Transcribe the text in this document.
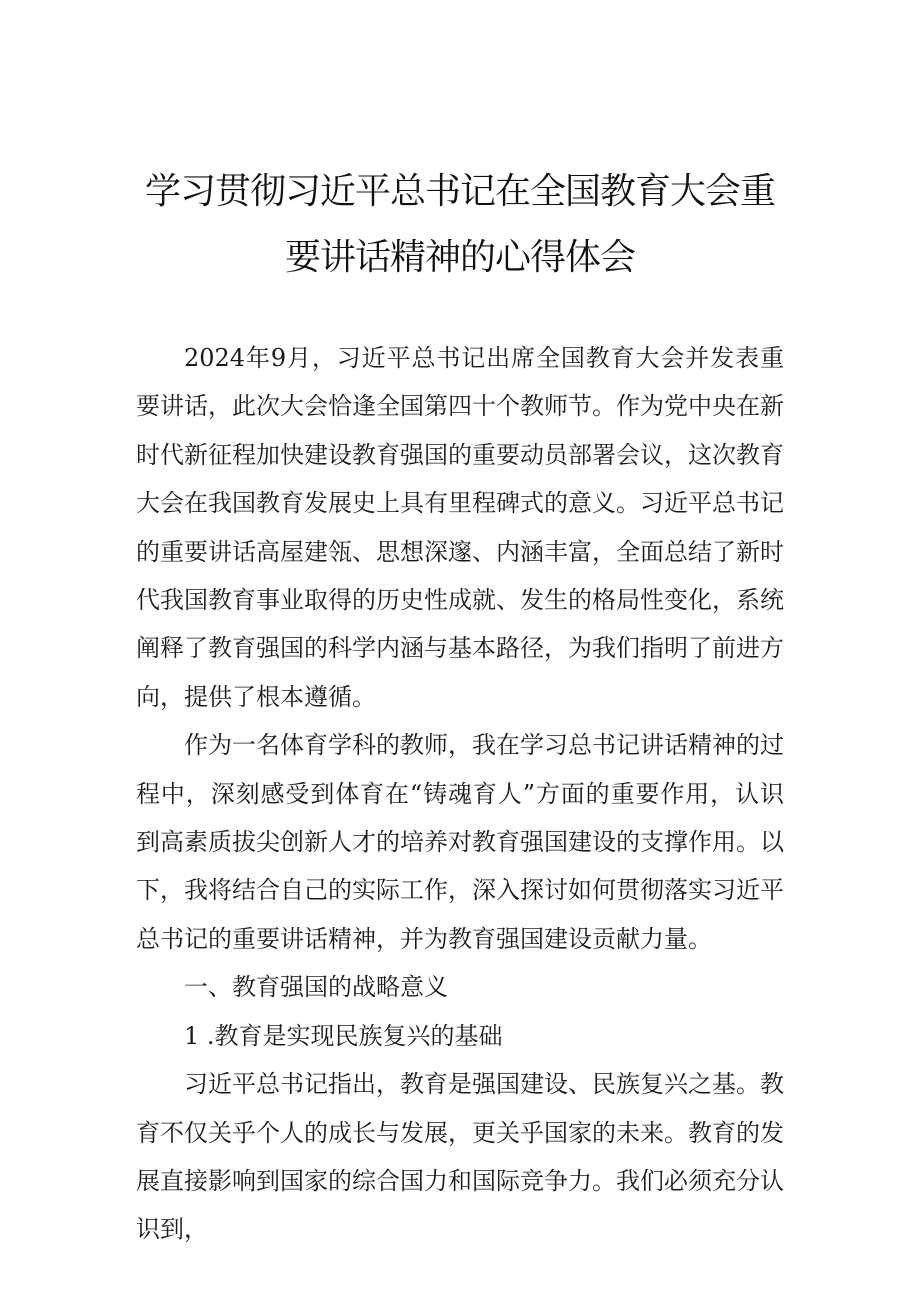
学习贯彻习近平总书记在全国教育大会重
要讲话精神的心得体会

2024年9月，习近平总书记出席全国教育大会并发表重要讲话，此次大会恰逢全国第四十个教师节。作为党中央在新时代新征程加快建设教育强国的重要动员部署会议，这次教育大会在我国教育发展史上具有里程碑式的意义。习近平总书记的重要讲话高屋建瓴、思想深邃、内涵丰富，全面总结了新时代我国教育事业取得的历史性成就、发生的格局性变化，系统阐释了教育强国的科学内涵与基本路径，为我们指明了前进方向，提供了根本遵循。

作为一名体育学科的教师，我在学习总书记讲话精神的过程中，深刻感受到体育在“铸魂育人”方面的重要作用，认识到高素质拔尖创新人才的培养对教育强国建设的支撑作用。以下，我将结合自己的实际工作，深入探讨如何贯彻落实习近平总书记的重要讲话精神，并为教育强国建设贡献力量。

一、教育强国的战略意义

1 .教育是实现民族复兴的基础

习近平总书记指出，教育是强国建设、民族复兴之基。教育不仅关乎个人的成长与发展，更关乎国家的未来。教育的发展直接影响到国家的综合国力和国际竞争力。我们必须充分认识到，
